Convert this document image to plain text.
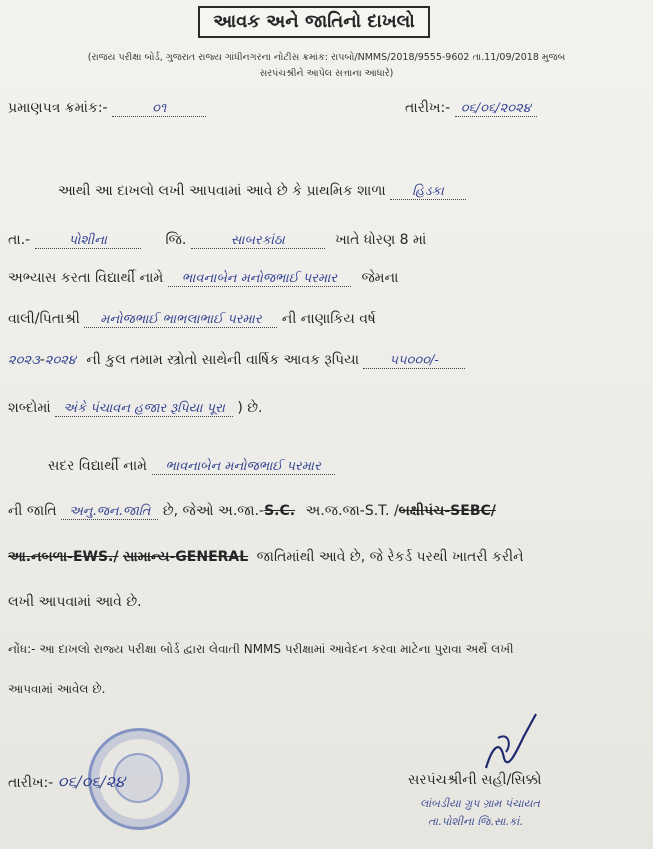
આવક અને જાતિનો દાખલો
(રાજય પરીક્ષા બોર્ડ, ગુજરાત રાજ્ય ગાંધીનગરના નોટીસ ક્રમાંક: રાપબો/NMMS/2018/9555-9602 તા.11/09/2018 મુજબ
સરપંચશ્રીને આપેલ સત્તાના આધારે)
પ્રમાણપત્ર ક્રમાંક:-	૦૧	તારીખ:- ૦૬/૦૬/૨૦૨૪
આથી આ દાખલો લખી આપવામાં આવે છે કે પ્રાથમિક શાળા હિડકા
તા.-	પોશીના	જિ.	સાબરકાંઠા	ખાતે ધોરણ 8 માં
અભ્યાસ કરતા વિદ્યાર્થી નામે ભાવનાબેન મનોજભાઈ પરમાર જેમના
વાલી/પિતાશ્રી મનોજભાઈ ભાભલાભાઈ પરમાર ની નાણાકિય વર્ષ
૨૦૨૩-૨૦૨૪ ની કુલ તમામ સ્ત્રોતો સાથેની વાર્ષિક આવક રૂપિયા ૫૫૦૦૦/-
શબ્દોમાં અંકે પંચાવન હજાર રૂપિયા પૂરા ) છે.
સદર વિદ્યાર્થી નામે ભાવનાબેન મનોજભાઈ પરમાર
ની જાતિ અનુ.જન.જાતિ છે, જેઓ અ.જા.-S.C. અ.જ.જા-S.T. /બક્ષીપંચ-SEBC/
આ.નબળા-EWS./ સામાન્ય-GENERAL જાતિમાંથી આવે છે, જે રેકર્ડ પરથી ખાતરી કરીને
લખી આપવામાં આવે છે.
નોંધ:- આ દાખલો રાજ્ય પરીક્ષા બોર્ડ દ્વારા લેવાતી NMMS પરીક્ષામાં આવેદન કરવા માટેના પુરાવા અર્થે લખી
આપવામાં આવેલ છે.
તારીખ:- ૦૬/૦૬/૨૪	સરપંચશ્રીની સહી/સિક્કો
લાંબડીયા ગ્રુપ ગ્રામ પંચાયત
તા.પોશીના જિ.સા.કાં.
